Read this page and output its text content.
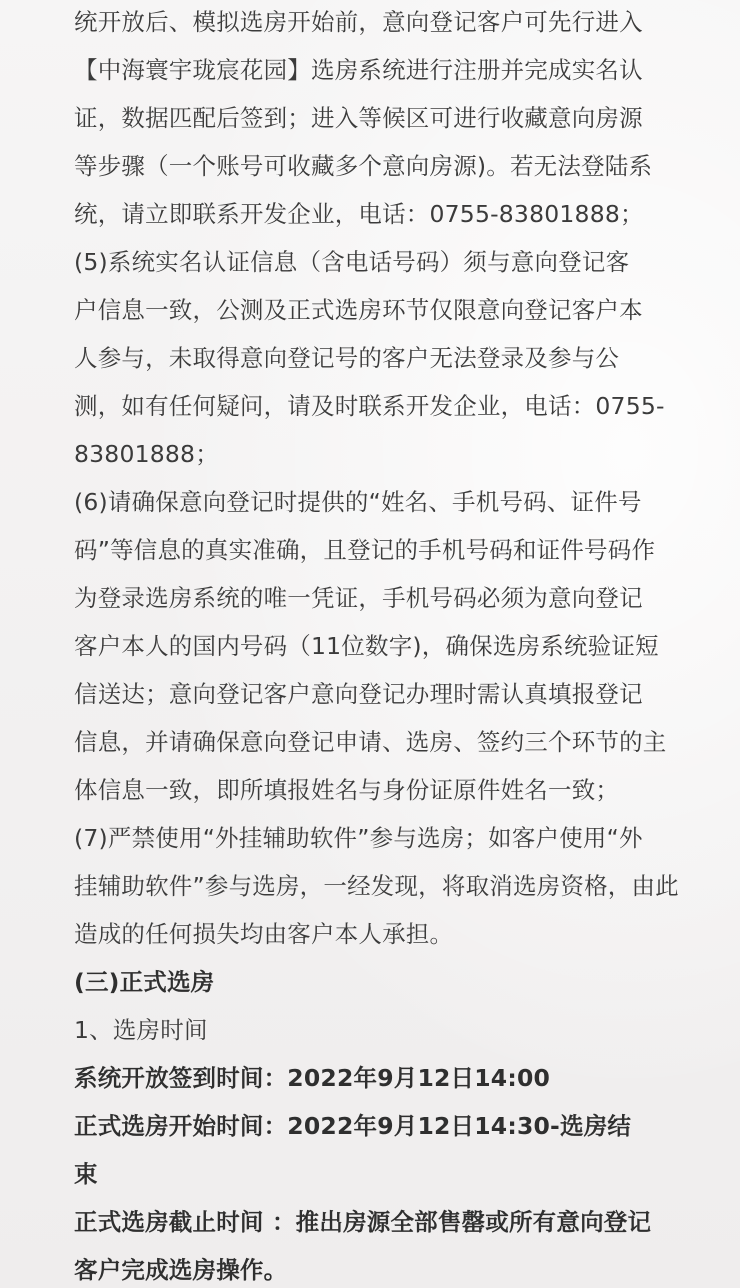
统开放后、模拟选房开始前，意向登记客户可先行进入
【中海寰宇珑宸花园】选房系统进行注册并完成实名认
证，数据匹配后签到；进入等候区可进行收藏意向房源
等步骤（一个账号可收藏多个意向房源)。若无法登陆系
统，请立即联系开发企业，电话：0755-83801888；
(5)系统实名认证信息（含电话号码）须与意向登记客
户信息一致，公测及正式选房环节仅限意向登记客户本
人参与，未取得意向登记号的客户无法登录及参与公
测，如有任何疑问，请及时联系开发企业，电话：0755-
83801888；
(6)请确保意向登记时提供的“姓名、手机号码、证件号
码”等信息的真实准确，且登记的手机号码和证件号码作
为登录选房系统的唯一凭证，手机号码必须为意向登记
客户本人的国内号码（11位数字)，确保选房系统验证短
信送达；意向登记客户意向登记办理时需认真填报登记
信息，并请确保意向登记申请、选房、签约三个环节的主
体信息一致，即所填报姓名与身份证原件姓名一致；
(7)严禁使用“外挂辅助软件”参与选房；如客户使用“外
挂辅助软件”参与选房，一经发现，将取消选房资格，由此
造成的任何损失均由客户本人承担。
(三)正式选房
1、选房时间
系统开放签到时间：2022年9月12日14:00
正式选房开始时间：2022年9月12日14:30-选房结
束
正式选房截止时间 ：推出房源全部售罄或所有意向登记
客户完成选房操作。
